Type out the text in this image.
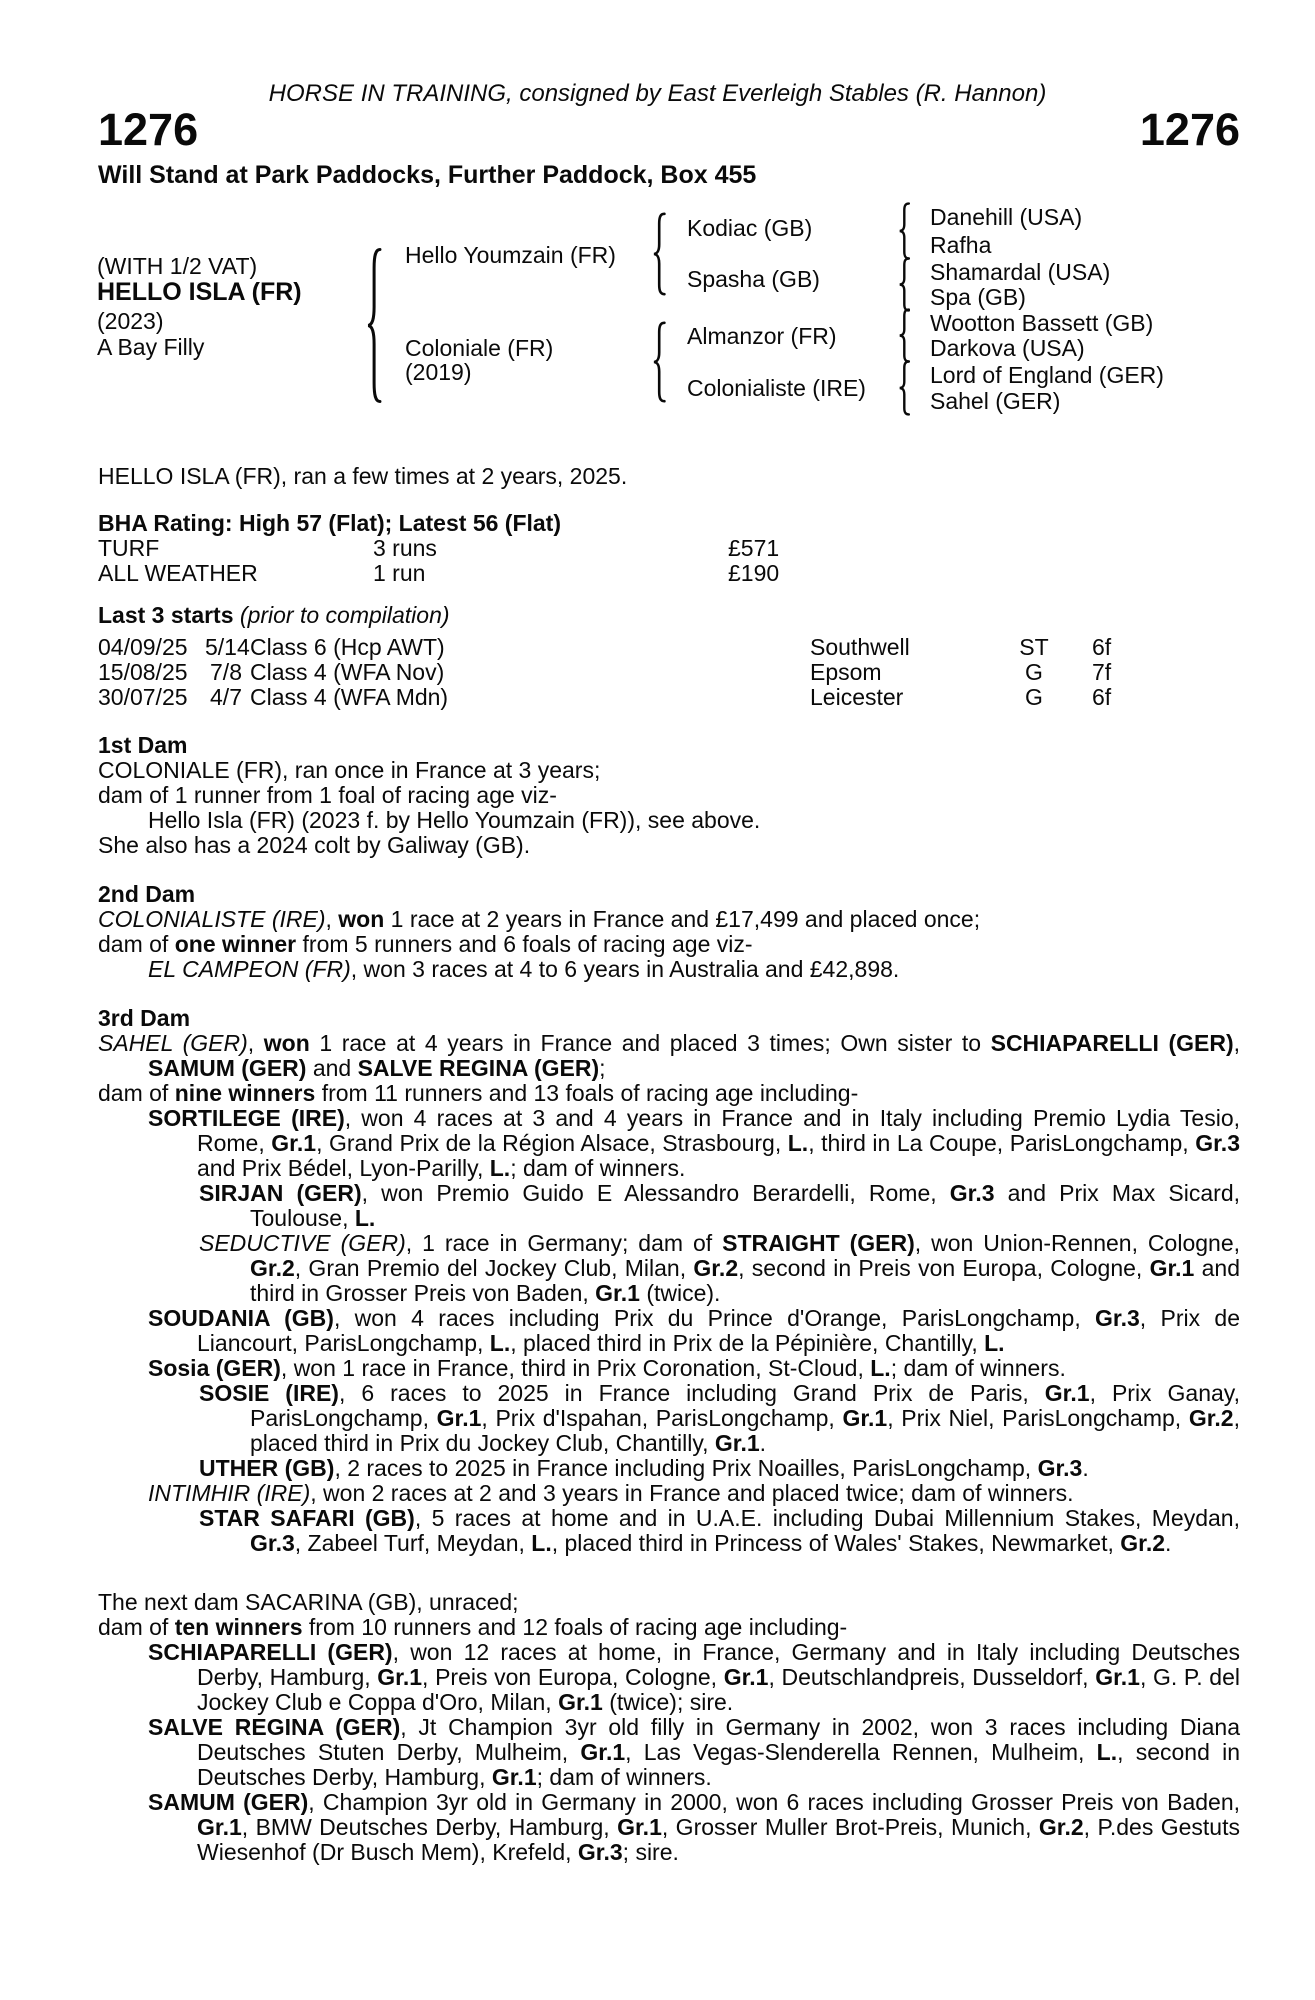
HORSE IN TRAINING, consigned by East Everleigh Stables (R. Hannon)
1276	1276
Will Stand at Park Paddocks, Further Paddock, Box 455
(WITH 1/2 VAT)
HELLO ISLA (FR)
(2023)
A Bay Filly
Hello Youmzain (FR)
Coloniale (FR)
(2019)
Kodiac (GB)
Spasha (GB)
Almanzor (FR)
Colonialiste (IRE)
Danehill (USA)
Rafha
Shamardal (USA)
Spa (GB)
Wootton Bassett (GB)
Darkova (USA)
Lord of England (GER)
Sahel (GER)
HELLO ISLA (FR), ran a few times at 2 years, 2025.
BHA Rating: High 57 (Flat); Latest 56 (Flat)
TURF	3 runs	£571
ALL WEATHER	1 run	£190
Last 3 starts (prior to compilation)
04/09/25 5/14Class 6 (Hcp AWT)	Southwell	ST 6f
15/08/25 7/8 Class 4 (WFA Nov)	Epsom	G 7f
30/07/25 4/7 Class 4 (WFA Mdn)	Leicester	G 6f
1st Dam
COLONIALE (FR), ran once in France at 3 years;
dam of 1 runner from 1 foal of racing age viz-
Hello Isla (FR) (2023 f. by Hello Youmzain (FR)), see above.
She also has a 2024 colt by Galiway (GB).
2nd Dam
COLONIALISTE (IRE), won 1 race at 2 years in France and £17,499 and placed once;
dam of one winner from 5 runners and 6 foals of racing age viz-
EL CAMPEON (FR), won 3 races at 4 to 6 years in Australia and £42,898.
3rd Dam
SAHEL (GER), won 1 race at 4 years in France and placed 3 times; Own sister to SCHIAPARELLI (GER), SAMUM (GER) and SALVE REGINA (GER);
dam of nine winners from 11 runners and 13 foals of racing age including-
SORTILEGE (IRE), won 4 races at 3 and 4 years in France and in Italy including Premio Lydia Tesio, Rome, Gr.1, Grand Prix de la Région Alsace, Strasbourg, L., third in La Coupe, ParisLongchamp, Gr.3 and Prix Bédel, Lyon-Parilly, L.; dam of winners.
SIRJAN (GER), won Premio Guido E Alessandro Berardelli, Rome, Gr.3 and Prix Max Sicard, Toulouse, L.
SEDUCTIVE (GER), 1 race in Germany; dam of STRAIGHT (GER), won Union-Rennen, Cologne, Gr.2, Gran Premio del Jockey Club, Milan, Gr.2, second in Preis von Europa, Cologne, Gr.1 and third in Grosser Preis von Baden, Gr.1 (twice).
SOUDANIA (GB), won 4 races including Prix du Prince d'Orange, ParisLongchamp, Gr.3, Prix de Liancourt, ParisLongchamp, L., placed third in Prix de la Pépinière, Chantilly, L.
Sosia (GER), won 1 race in France, third in Prix Coronation, St-Cloud, L.; dam of winners.
SOSIE (IRE), 6 races to 2025 in France including Grand Prix de Paris, Gr.1, Prix Ganay, ParisLongchamp, Gr.1, Prix d'Ispahan, ParisLongchamp, Gr.1, Prix Niel, ParisLongchamp, Gr.2, placed third in Prix du Jockey Club, Chantilly, Gr.1.
UTHER (GB), 2 races to 2025 in France including Prix Noailles, ParisLongchamp, Gr.3.
INTIMHIR (IRE), won 2 races at 2 and 3 years in France and placed twice; dam of winners.
STAR SAFARI (GB), 5 races at home and in U.A.E. including Dubai Millennium Stakes, Meydan, Gr.3, Zabeel Turf, Meydan, L., placed third in Princess of Wales' Stakes, Newmarket, Gr.2.
The next dam SACARINA (GB), unraced;
dam of ten winners from 10 runners and 12 foals of racing age including-
SCHIAPARELLI (GER), won 12 races at home, in France, Germany and in Italy including Deutsches Derby, Hamburg, Gr.1, Preis von Europa, Cologne, Gr.1, Deutschlandpreis, Dusseldorf, Gr.1, G. P. del Jockey Club e Coppa d'Oro, Milan, Gr.1 (twice); sire.
SALVE REGINA (GER), Jt Champion 3yr old filly in Germany in 2002, won 3 races including Diana Deutsches Stuten Derby, Mulheim, Gr.1, Las Vegas-Slenderella Rennen, Mulheim, L., second in Deutsches Derby, Hamburg, Gr.1; dam of winners.
SAMUM (GER), Champion 3yr old in Germany in 2000, won 6 races including Grosser Preis von Baden, Gr.1, BMW Deutsches Derby, Hamburg, Gr.1, Grosser Muller Brot-Preis, Munich, Gr.2, P.des Gestuts Wiesenhof (Dr Busch Mem), Krefeld, Gr.3; sire.
